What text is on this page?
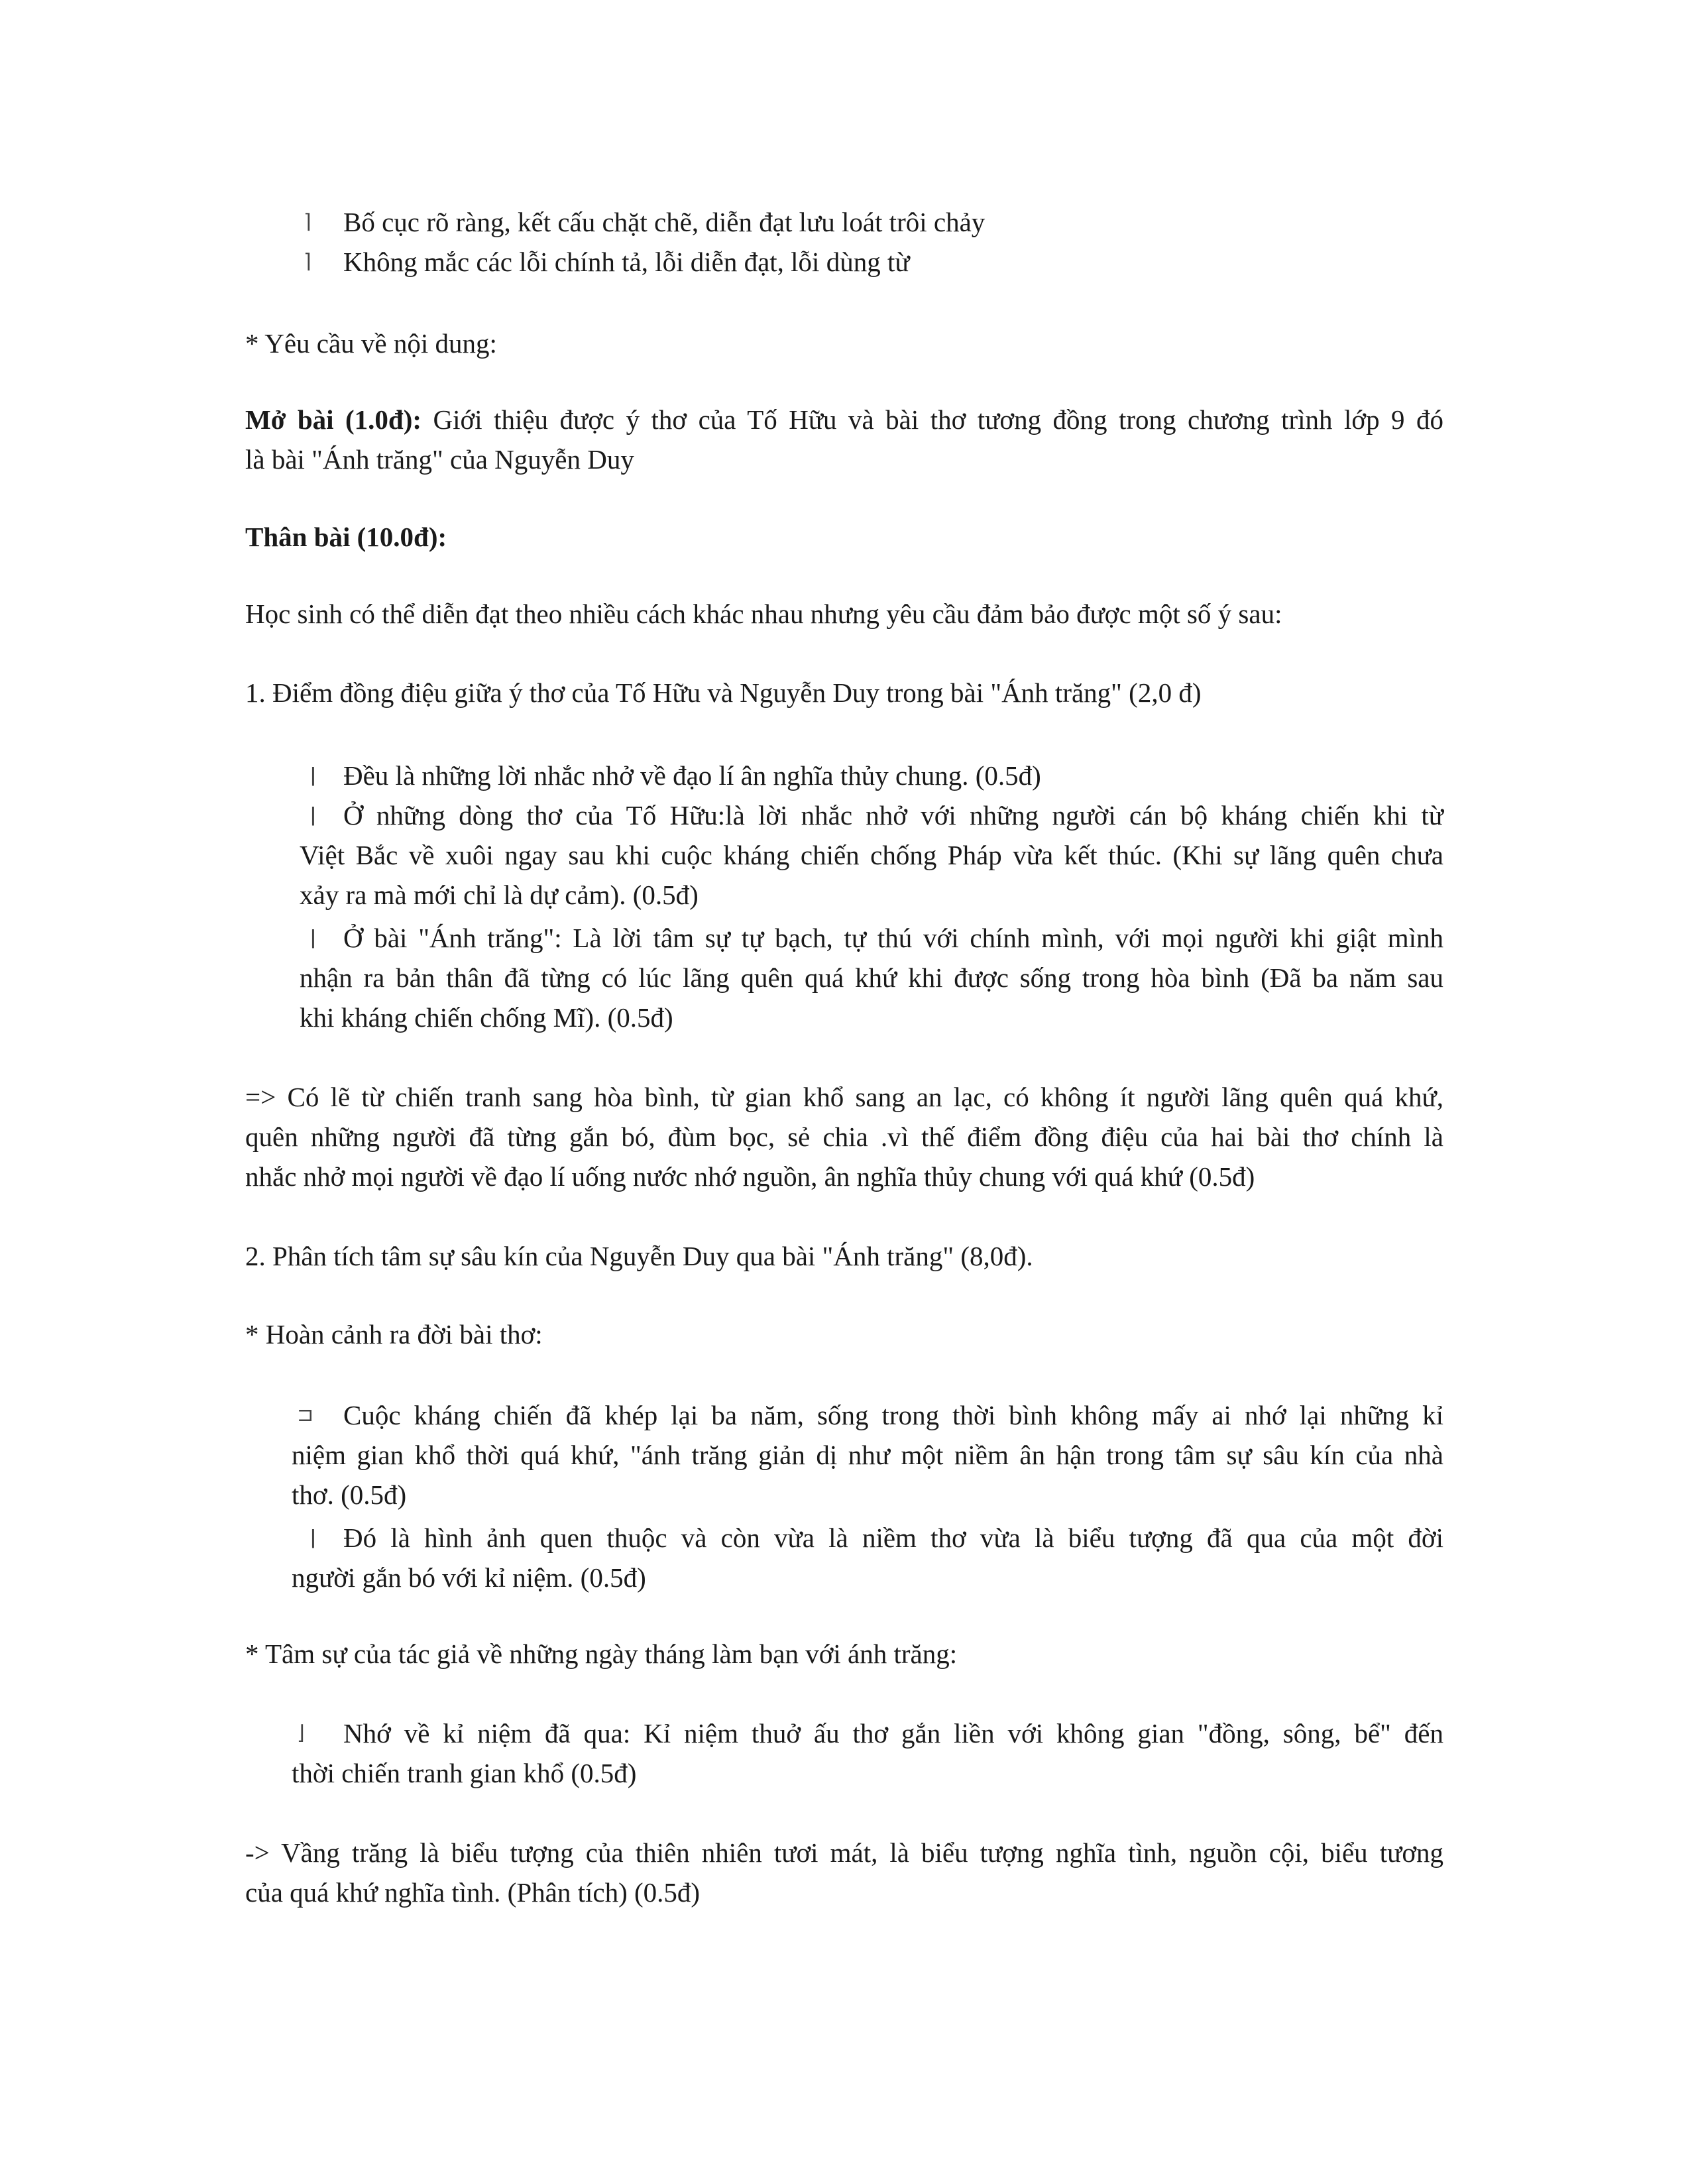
⌉ Bố cục rõ ràng, kết cấu chặt chẽ, diễn đạt lưu loát trôi chảy
⌉ Không mắc các lỗi chính tả, lỗi diễn đạt, lỗi dùng từ
* Yêu cầu về nội dung:
Mở bài (1.0đ): Giới thiệu được ý thơ của Tố Hữu và bài thơ tương đồng trong chương trình lớp 9 đó
là bài "Ánh trăng" của Nguyễn Duy
Thân bài (10.0đ):
Học sinh có thể diễn đạt theo nhiều cách khác nhau nhưng yêu cầu đảm bảo được một số ý sau:
1. Điểm đồng điệu giữa ý thơ của Tố Hữu và Nguyễn Duy trong bài "Ánh trăng" (2,0 đ)
ǀ Đều là những lời nhắc nhở về đạo lí ân nghĩa thủy chung. (0.5đ)
ǀ	Ở những dòng thơ của Tố Hữu:là lời nhắc nhở với những người cán bộ kháng chiến khi từ
Việt Bắc về xuôi ngay sau khi cuộc kháng chiến chống Pháp vừa kết thúc. (Khi sự lãng quên chưa
xảy ra mà mới chỉ là dự cảm). (0.5đ)
ǀ	Ở bài "Ánh trăng": Là lời tâm sự tự bạch, tự thú với chính mình, với mọi người khi giật mình
nhận ra bản thân đã từng có lúc lãng quên quá khứ khi được sống trong hòa bình (Đã ba năm sau
khi kháng chiến chống Mĩ). (0.5đ)
=> Có lẽ từ chiến tranh sang hòa bình, từ gian khổ sang an lạc, có không ít người lãng quên quá khứ,
quên những người đã từng gắn bó, đùm bọc, sẻ chia .vì thế điểm đồng điệu của hai bài thơ chính là
nhắc nhở mọi người về đạo lí uống nước nhớ nguồn, ân nghĩa thủy chung với quá khứ (0.5đ)
2. Phân tích tâm sự sâu kín của Nguyễn Duy qua bài "Ánh trăng" (8,0đ).
* Hoàn cảnh ra đời bài thơ:
⊐	Cuộc kháng chiến đã khép lại ba năm, sống trong thời bình không mấy ai nhớ lại những kỉ
niệm gian khổ thời quá khứ, "ánh trăng giản dị như một niềm ân hận trong tâm sự sâu kín của nhà
thơ. (0.5đ)
ǀ	Đó là hình ảnh quen thuộc và còn vừa là niềm thơ vừa là biểu tượng đã qua của một đời
người gắn bó với kỉ niệm. (0.5đ)
* Tâm sự của tác giả về những ngày tháng làm bạn với ánh trăng:
⌋	Nhớ về kỉ niệm đã qua: Kỉ niệm thuở ấu thơ gắn liền với không gian "đồng, sông, bể" đến
thời chiến tranh gian khổ (0.5đ)
-> Vầng trăng là biểu tượng của thiên nhiên tươi mát, là biểu tượng nghĩa tình, nguồn cội, biểu tương
của quá khứ nghĩa tình. (Phân tích) (0.5đ)
